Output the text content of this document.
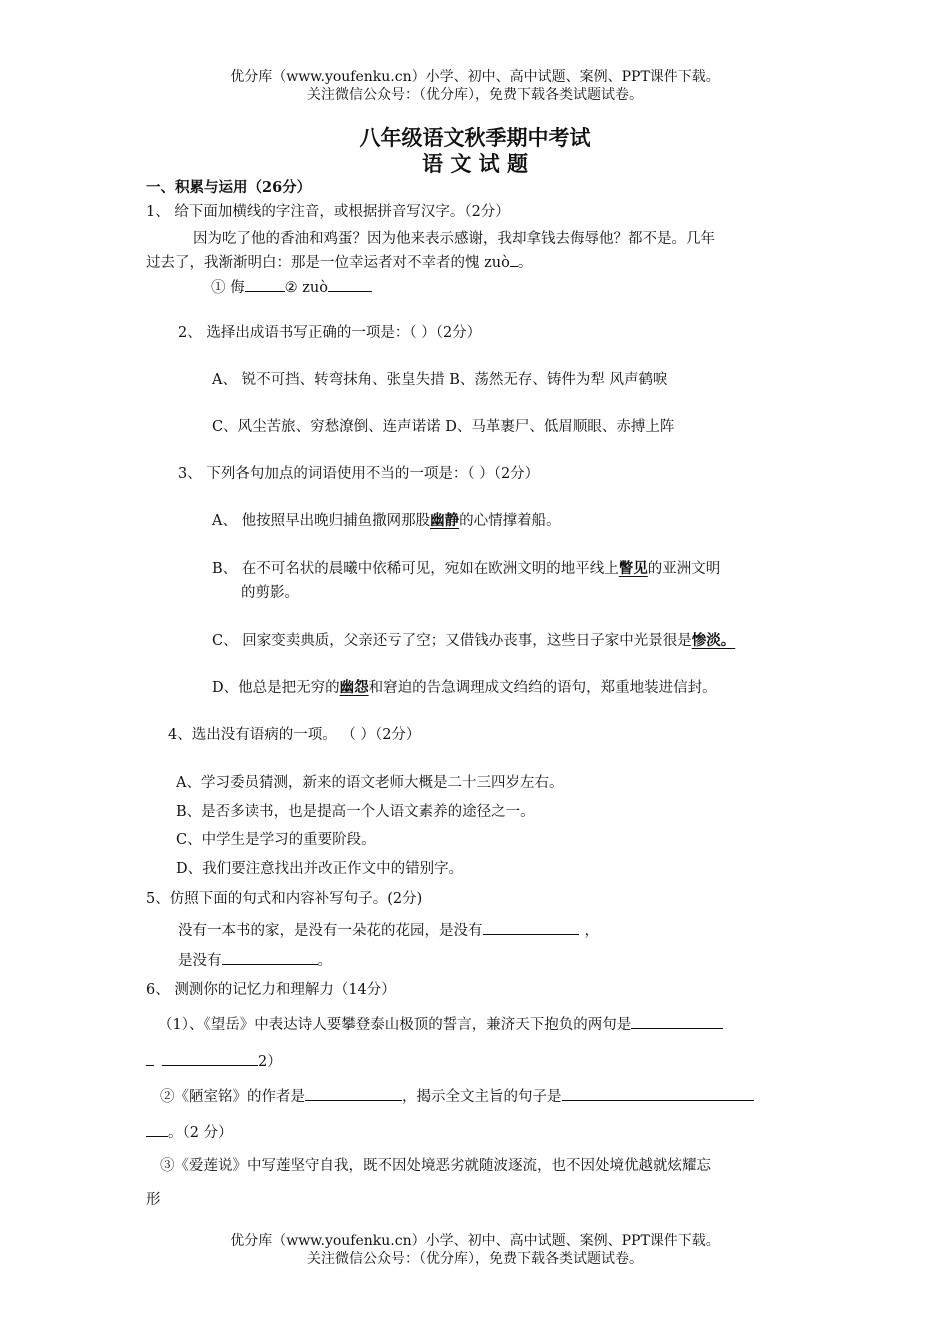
优分库（www.youfenku.cn）小学、初中、高中试题、案例、PPT课件下载。
关注微信公众号：（优分库），免费下载各类试题试卷。
八年级语文秋季期中考试
语 文 试 题
一、积累与运用（26分）
1、 给下面加横线的字注音，或根据拼音写汉字。（2分）
因为吃了他的香油和鸡蛋？因为他来表示感谢，我却拿钱去侮辱他？都不是。几年
过去了，我渐渐明白：那是一位幸运者对不幸者的愧 zuò 。
① 侮	② zuò
2、 选择出成语书写正确的一项是：（ ）（2分）
A、 锐不可挡、转弯抹角、张皇失措 B、荡然无存、铸件为犁 风声鹤唳
C、风尘苦旅、穷愁潦倒、连声诺诺 D、马革裹尸、低眉顺眼、赤搏上阵
3、 下列各句加点的词语使用不当的一项是：（ ）（2分）
A、 他按照早出晚归捕鱼撒网那股幽静的心情撑着船。
B、 在不可名状的晨曦中依稀可见，宛如在欧洲文明的地平线上瞥见的亚洲文明
的剪影。
C、 回家变卖典质，父亲还亏了空；又借钱办丧事，这些日子家中光景很是惨淡。
D、他总是把无穷的幽怨和窘迫的告急调理成文绉绉的语句，郑重地装进信封。
4、选出没有语病的一项。 （ ）（2分）
A、学习委员猜测，新来的语文老师大概是二十三四岁左右。
B、是否多读书，也是提高一个人语文素养的途径之一。
C、中学生是学习的重要阶段。
D、我们要注意找出并改正作文中的错别字。
5、仿照下面的句式和内容补写句子。(2分)
没有一本书的家，是没有一朵花的花园，是没有	，
是没有	。
6、 测测你的记忆力和理解力（14分）
（1）、《望岳》中表达诗人要攀登泰山极顶的誓言，兼济天下抱负的两句是
2）
②《陋室铭》的作者是	，揭示全文主旨的句子是
。（2 分）
③《爱莲说》中写莲坚守自我，既不因处境恶劣就随波逐流，也不因处境优越就炫耀忘
形
优分库（www.youfenku.cn）小学、初中、高中试题、案例、PPT课件下载。
关注微信公众号：（优分库），免费下载各类试题试卷。
